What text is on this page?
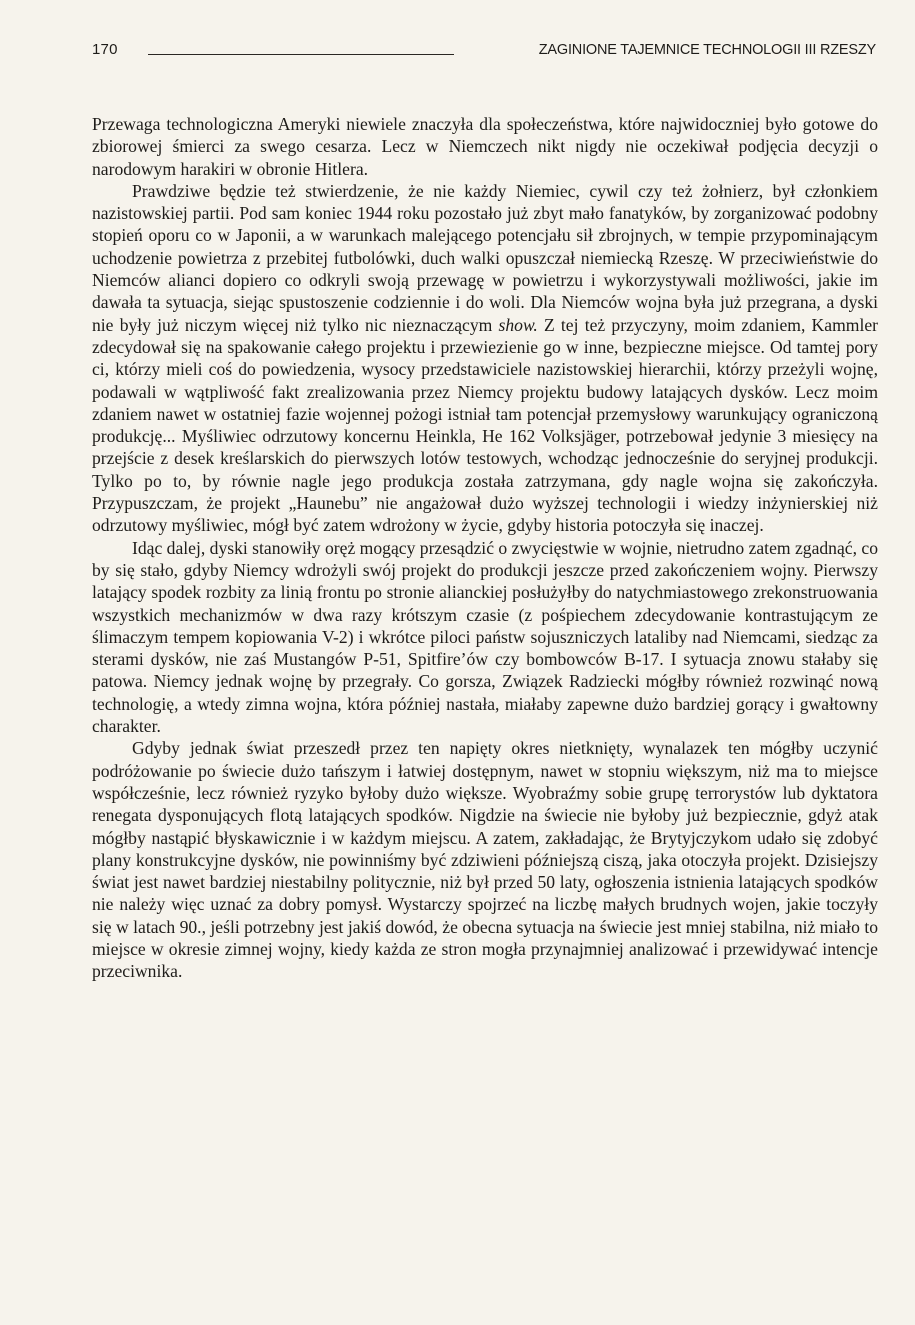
170	ZAGINIONE TAJEMNICE TECHNOLOGII III RZESZY

Przewaga technologiczna Ameryki niewiele znaczyła dla społeczeństwa, które najwidoczniej było gotowe do zbiorowej śmierci za swego cesarza. Lecz w Niemczech nikt nigdy nie oczekiwał podjęcia decyzji o narodowym harakiri w obronie Hitlera.

Prawdziwe będzie też stwierdzenie, że nie każdy Niemiec, cywil czy też żołnierz, był członkiem nazistowskiej partii. Pod sam koniec 1944 roku pozostało już zbyt mało fanatyków, by zorganizować podobny stopień oporu co w Japonii, a w warunkach malejącego potencjału sił zbrojnych, w tempie przypominającym uchodzenie powietrza z przebitej futbolówki, duch walki opuszczał niemiecką Rzeszę. W przeciwieństwie do Niemców alianci dopiero co odkryli swoją przewagę w powietrzu i wykorzystywali możliwości, jakie im dawała ta sytuacja, siejąc spustoszenie codziennie i do woli. Dla Niemców wojna była już przegrana, a dyski nie były już niczym więcej niż tylko nic nieznaczącym show. Z tej też przyczyny, moim zdaniem, Kammler zdecydował się na spakowanie całego projektu i przewiezienie go w inne, bezpieczne miejsce. Od tamtej pory ci, którzy mieli coś do powiedzenia, wysocy przedstawiciele nazistowskiej hierarchii, którzy przeżyli wojnę, podawali w wątpliwość fakt zrealizowania przez Niemcy projektu budowy latających dysków. Lecz moim zdaniem nawet w ostatniej fazie wojennej pożogi istniał tam potencjał przemysłowy warunkujący ograniczoną produkcję... Myśliwiec odrzutowy koncernu Heinkla, He 162 Volksjäger, potrzebował jedynie 3 miesięcy na przejście z desek kreślarskich do pierwszych lotów testowych, wchodząc jednocześnie do seryjnej produkcji. Tylko po to, by równie nagle jego produkcja została zatrzymana, gdy nagle wojna się zakończyła. Przypuszczam, że projekt „Haunebu” nie angażował dużo wyższej technologii i wiedzy inżynierskiej niż odrzutowy myśliwiec, mógł być zatem wdrożony w życie, gdyby historia potoczyła się inaczej.

Idąc dalej, dyski stanowiły oręż mogący przesądzić o zwycięstwie w wojnie, nietrudno zatem zgadnąć, co by się stało, gdyby Niemcy wdrożyli swój projekt do produkcji jeszcze przed zakończeniem wojny. Pierwszy latający spodek rozbity za linią frontu po stronie alianckiej posłużyłby do natychmiastowego zrekonstruowania wszystkich mechanizmów w dwa razy krótszym czasie (z pośpiechem zdecydowanie kontrastującym ze ślimaczym tempem kopiowania V-2) i wkrótce piloci państw sojuszniczych lataliby nad Niemcami, siedząc za sterami dysków, nie zaś Mustangów P-51, Spitfire’ów czy bombowców B-17. I sytuacja znowu stałaby się patowa. Niemcy jednak wojnę by przegrały. Co gorsza, Związek Radziecki mógłby również rozwinąć nową technologię, a wtedy zimna wojna, która później nastała, miałaby zapewne dużo bardziej gorący i gwałtowny charakter.

Gdyby jednak świat przeszedł przez ten napięty okres nietknięty, wynalazek ten mógłby uczynić podróżowanie po świecie dużo tańszym i łatwiej dostępnym, nawet w stopniu większym, niż ma to miejsce współcześnie, lecz również ryzyko byłoby dużo większe. Wyobraźmy sobie grupę terrorystów lub dyktatora renegata dysponujących flotą latających spodków. Nigdzie na świecie nie byłoby już bezpiecznie, gdyż atak mógłby nastąpić błyskawicznie i w każdym miejscu. A zatem, zakładając, że Brytyjczykom udało się zdobyć plany konstrukcyjne dysków, nie powinniśmy być zdziwieni późniejszą ciszą, jaka otoczyła projekt. Dzisiejszy świat jest nawet bardziej niestabilny politycznie, niż był przed 50 laty, ogłoszenia istnienia latających spodków nie należy więc uznać za dobry pomysł. Wystarczy spojrzeć na liczbę małych brudnych wojen, jakie toczyły się w latach 90., jeśli potrzebny jest jakiś dowód, że obecna sytuacja na świecie jest mniej stabilna, niż miało to miejsce w okresie zimnej wojny, kiedy każda ze stron mogła przynajmniej analizować i przewidywać intencje przeciwnika.
